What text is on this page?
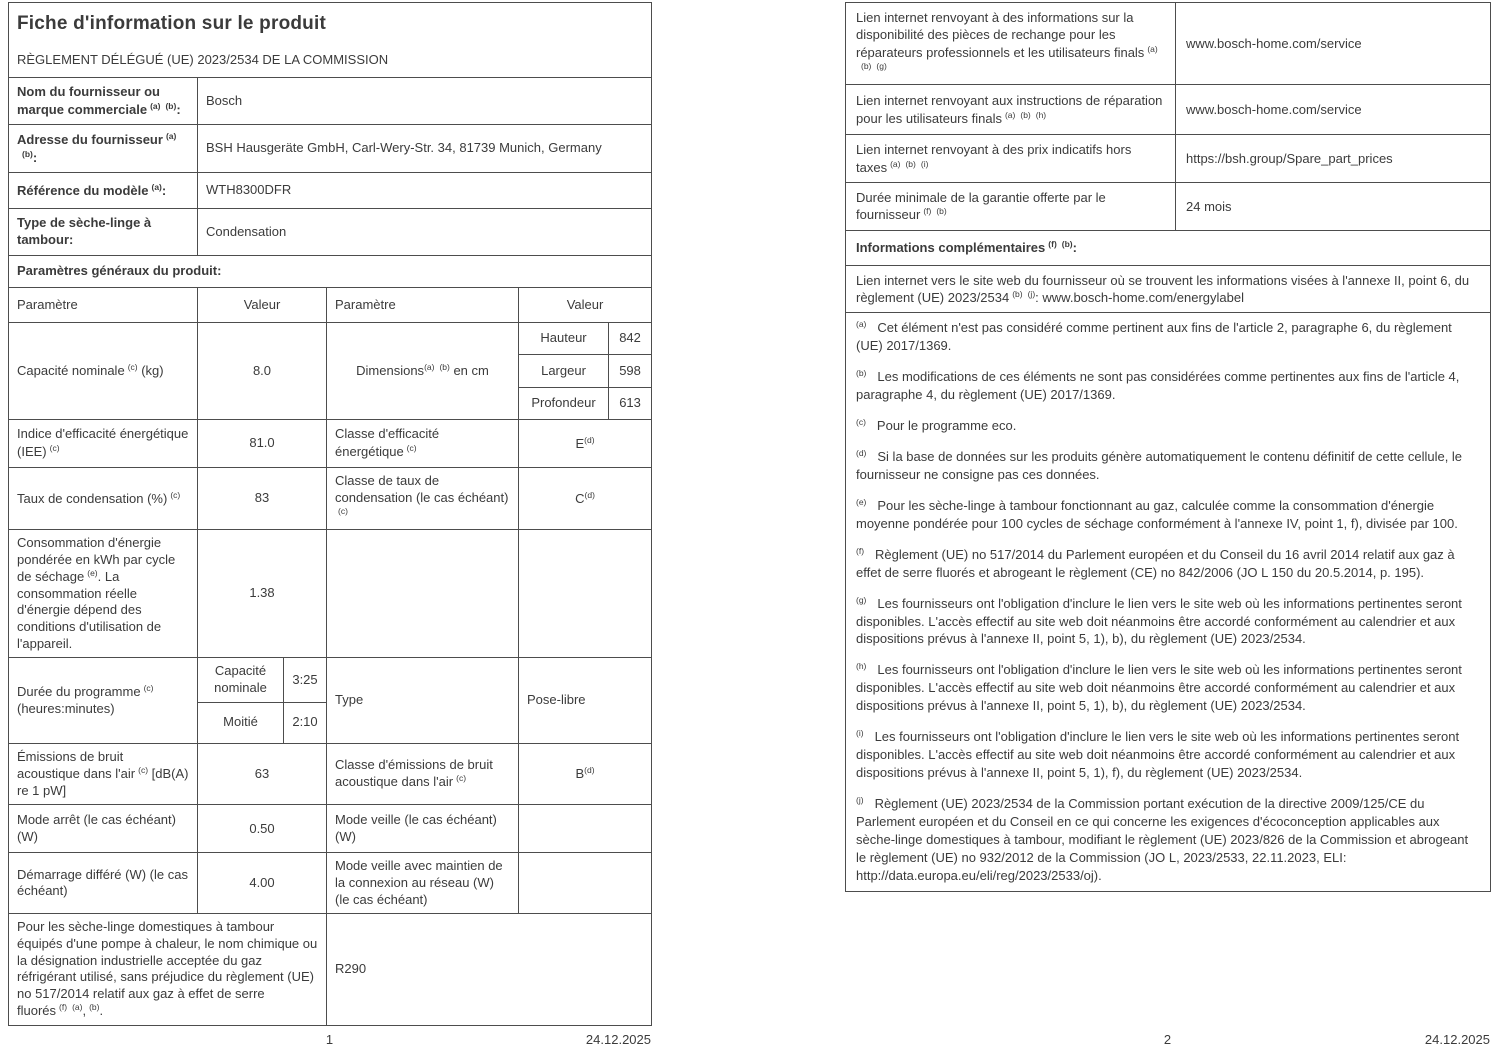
Fiche d'information sur le produit
RÈGLEMENT DÉLÉGUÉ (UE) 2023/2534 DE LA COMMISSION					

Nom du fournisseur ou marque commerciale $^{(a)}$ $^{(b)}$:	Bosch				
Adresse du fournisseur $^{(a)(b)}$:	BSH Hausgeräte GmbH, Carl-Wery-Str. 34, 81739 Munich, Germany				
Référence du modèle $^{(a)}$:	WTH8300DFR				
Type de sèche-linge à tambour:	Condensation				
Paramètres généraux du produit:					
Paramètre	Valeur		Paramètre	Valeur	
Capacité nominale $^{(c)}$ (kg)	8.0		Dimensions$^{(a)}$ $^{(b)}$ en cm	Hauteur	842
				Largeur	598
				Profondeur	613
Indice d'efficacité énergétique (IEE) $^{(c)}$	81.0		Classe d'efficacité énergétique $^{(c)}$	$E^{(d)}$
Taux de condensation (%) $^{(c)}$	83		Classe de taux de condensation (le cas échéant)$^{(c)}$	$C^{(d)}$
Consommation d'énergie pondérée en kWh par cycle de séchage $^{(e)}$. La consommation réelle d'énergie dépend des conditions d'utilisation de l'appareil.	1.38				
Durée du programme $^{(c)}$ (heures:minutes)	Capacité nominale	3:25	Type	Pose-libre	
	Moitié	2:10			
Émissions de bruit acoustique dans l'air $^{(c)}$ [dB(A) re 1 pW]	63		Classe d'émissions de bruit acoustique dans l'air $^{(c)}$	$B^{(d)}$
Mode arrêt (le cas échéant) (W)	0.50		Mode veille (le cas échéant) (W)		
Démarrage différé (W) (le cas échéant)	4.00		Mode veille avec maintien de la connexion au réseau (W) (le cas échéant)		
Pour les sèche-linge domestiques à tambour équipés d'une pompe à chaleur, le nom chimique ou la désignation industrielle acceptée du gaz réfrigérant utilisé, sans préjudice du règlement (UE) no 517/2014 relatif aux gaz à effet de serre fluorés $^{(f)}$ $^{(a)}$, $^{(b)}$.			R290		
Lien internet renvoyant à des informations sur la disponibilité des pièces de rechange pour les réparateurs professionnels et les utilisateurs finals $^{(a)(b)}$ $^{(g)}$	www.bosch-home.com/service
Lien internet renvoyant aux instructions de réparation pour les utilisateurs finals $^{(a)}$ $^{(b)}$ $^{(h)}$	www.bosch-home.com/service
Lien internet renvoyant à des prix indicatifs hors taxes $^{(a)}$ $^{(b)}$ $^{(i)}$	https://bsh.group/Spare_part_prices
Durée minimale de la garantie offerte par le fournisseur $^{(f)}$ $^{(b)}$	24 mois
Informations complémentaires $^{(f)}$ $^{(b)}$:	
Lien internet vers le site web du fournisseur où se trouvent les informations visées à l'annexe II, point 6, du règlement (UE) 2023/2534 $^{(b)}$ $^{(j)}$: www.bosch-home.com/energylabel	

$^{(a)}$ Cet élément n'est pas considéré comme pertinent aux fins de l'article 2, paragraphe 6, du règlement (UE) 2017/1369.

$^{(b)}$ Les modifications de ces éléments ne sont pas considérées comme pertinentes aux fins de l'article 4, paragraphe 4, du règlement (UE) 2017/1369.

$^{(c)}$ Pour le programme eco.

$^{(d)}$ Si la base de données sur les produits génère automatiquement le contenu définitif de cette cellule, le fournisseur ne consigne pas ces données.

$^{(e)}$ Pour les sèche-linge à tambour fonctionnant au gaz, calculée comme la consommation d'énergie moyenne pondérée pour 100 cycles de séchage conformément à l'annexe IV, point 1, f), divisée par 100.

$^{(f)}$ Règlement (UE) no 517/2014 du Parlement européen et du Conseil du 16 avril 2014 relatif aux gaz à effet de serre fluorés et abrogeant le règlement (CE) no 842/2006 (JO L 150 du 20.5.2014, p. 195).

$^{(g)}$ Les fournisseurs ont l'obligation d'inclure le lien vers le site web où les informations pertinentes seront disponibles. L'accès effectif au site web doit néanmoins être accordé conformément au calendrier et aux dispositions prévus à l'annexe II, point 5, 1), b), du règlement (UE) 2023/2534.

$^{(h)}$ Les fournisseurs ont l'obligation d'inclure le lien vers le site web où les informations pertinentes seront disponibles. L'accès effectif au site web doit néanmoins être accordé conformément au calendrier et aux dispositions prévus à l'annexe II, point 5, 1), b), du règlement (UE) 2023/2534.

$^{(i)}$ Les fournisseurs ont l'obligation d'inclure le lien vers le site web où les informations pertinentes seront disponibles. L'accès effectif au site web doit néanmoins être accordé conformément au calendrier et aux dispositions prévus à l'annexe II, point 5, 1), f), du règlement (UE) 2023/2534.

$^{(j)}$ Règlement (UE) 2023/2534 de la Commission portant exécution de la directive 2009/125/CE du Parlement européen et du Conseil en ce qui concerne les exigences d'écoconception applicables aux sèche-linge domestiques à tambour, modifiant le règlement (UE) 2023/826 de la Commission et abrogeant le règlement (UE) no 932/2012 de la Commission (JO L, 2023/2533, 22.11.2023, ELI: http://data.europa.eu/eli/reg/2023/2533/oj).

1	24.12.2025	2	24.12.2025
